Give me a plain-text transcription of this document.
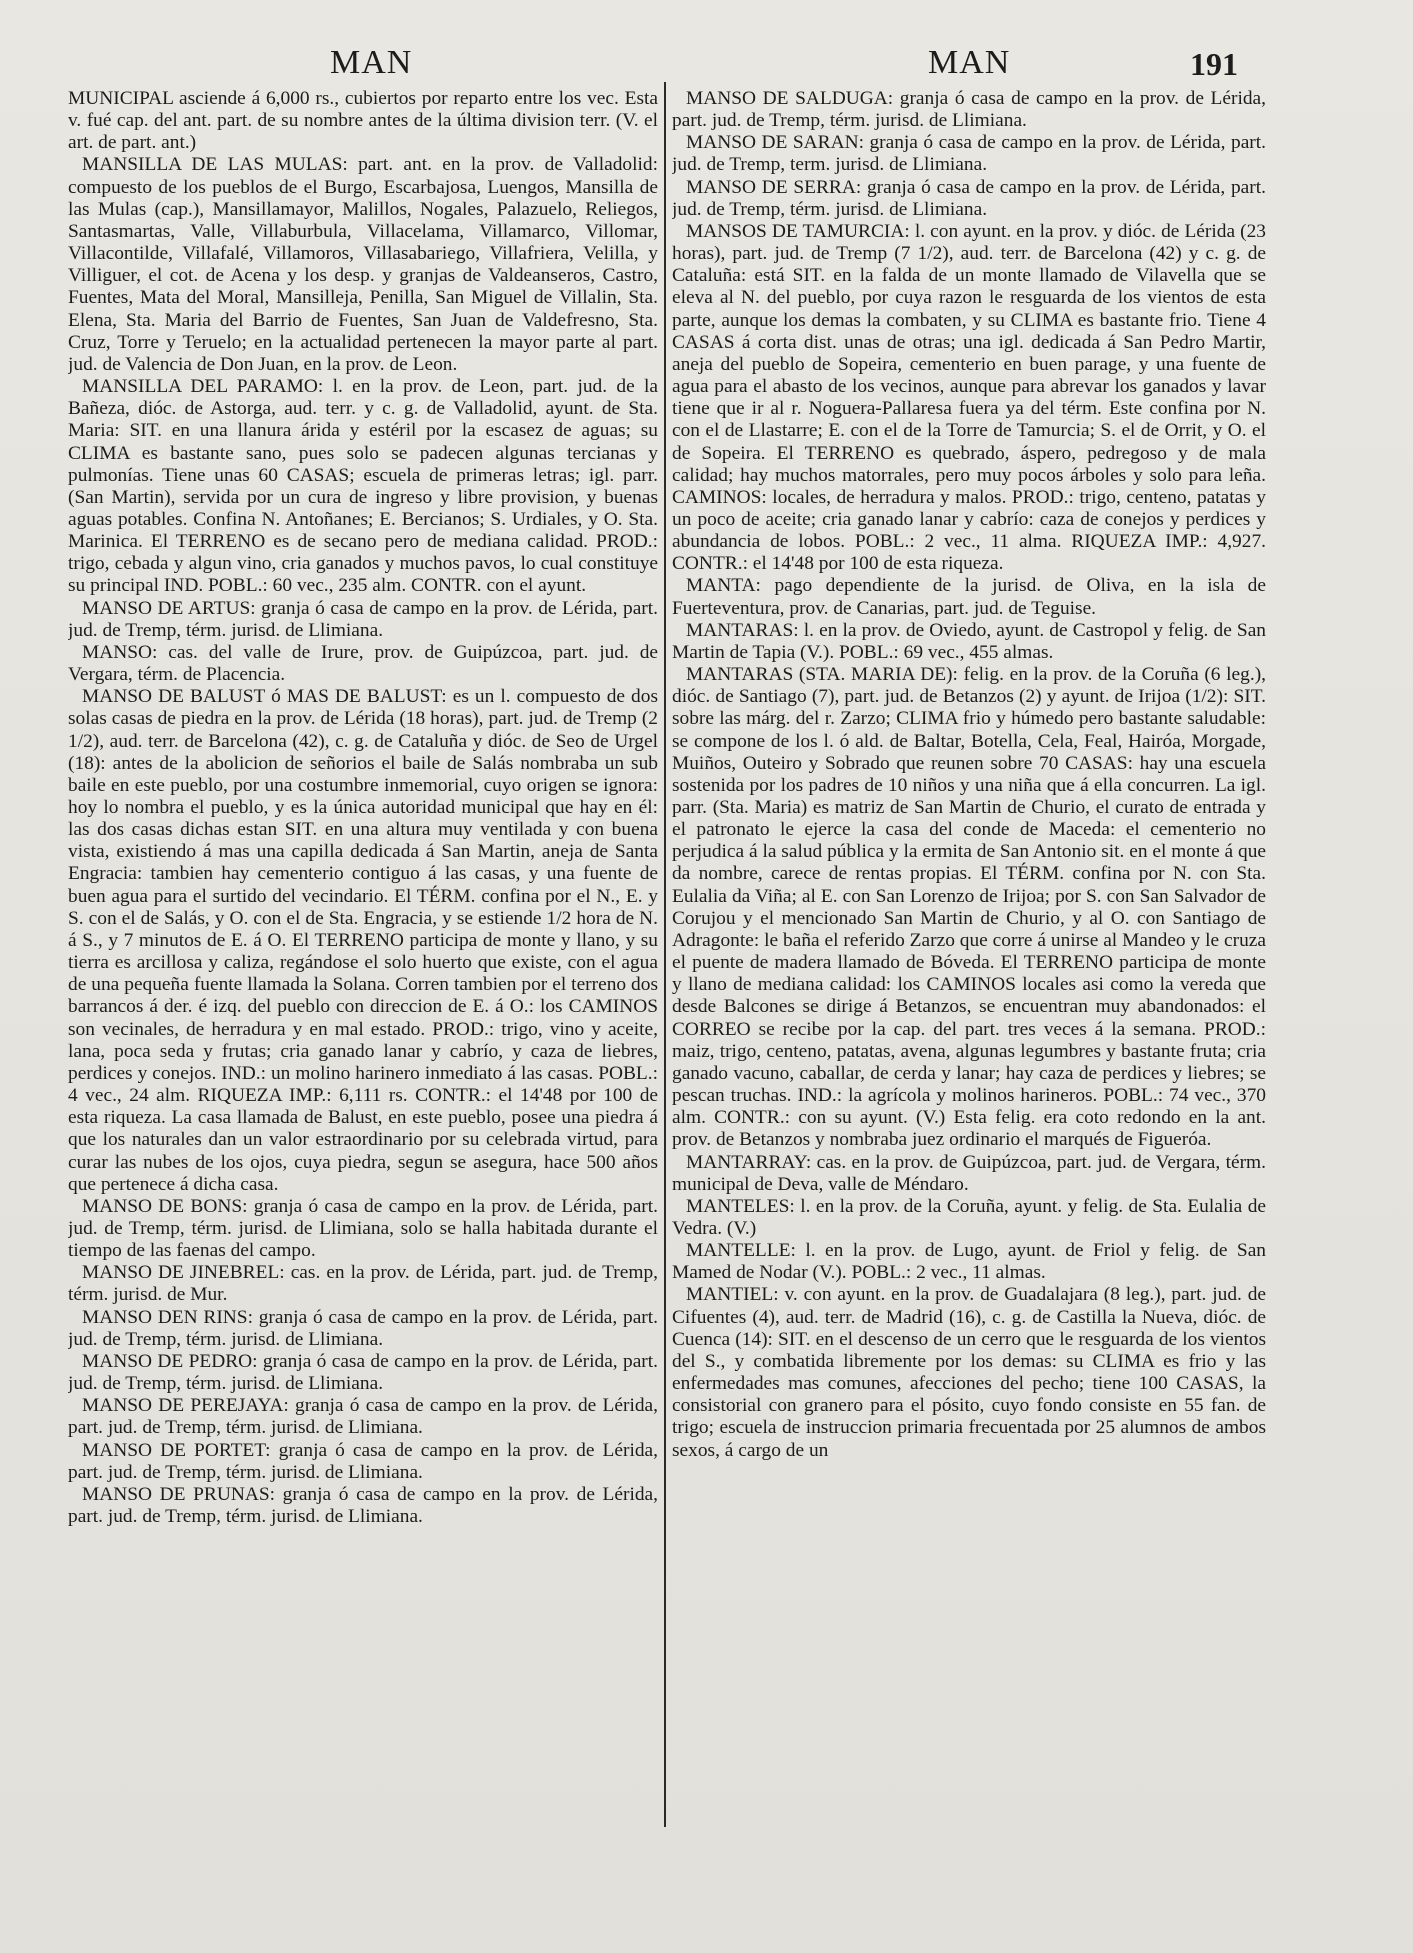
MAN	MAN	191

MUNICIPAL asciende á 6,000 rs., cubiertos por reparto entre los vec. Esta v. fué cap. del ant. part. de su nombre antes de la última division terr. (V. el art. de part. ant.)

MANSILLA DE LAS MULAS: part. ant. en la prov. de Valladolid: compuesto de los pueblos de el Burgo, Escarbajosa, Luengos, Mansilla de las Mulas (cap.), Mansillamayor, Malillos, Nogales, Palazuelo, Reliegos, Santasmartas, Valle, Villaburbula, Villacelama, Villamarco, Villomar, Villacontilde, Villafalé, Villamoros, Villasabariego, Villafriera, Velilla, y Villiguer, el cot. de Acena y los desp. y granjas de Valdeanseros, Castro, Fuentes, Mata del Moral, Mansilleja, Penilla, San Miguel de Villalin, Sta. Elena, Sta. Maria del Barrio de Fuentes, San Juan de Valdefresno, Sta. Cruz, Torre y Teruelo; en la actualidad pertenecen la mayor parte al part. jud. de Valencia de Don Juan, en la prov. de Leon.

MANSILLA DEL PARAMO: l. en la prov. de Leon, part. jud. de la Bañeza, dióc. de Astorga, aud. terr. y c. g. de Valladolid, ayunt. de Sta. Maria: SIT. en una llanura árida y estéril por la escasez de aguas; su CLIMA es bastante sano, pues solo se padecen algunas tercianas y pulmonías. Tiene unas 60 CASAS; escuela de primeras letras; igl. parr. (San Martin), servida por un cura de ingreso y libre provision, y buenas aguas potables. Confina N. Antoñanes; E. Bercianos; S. Urdiales, y O. Sta. Marinica. El TERRENO es de secano pero de mediana calidad. PROD.: trigo, cebada y algun vino, cria ganados y muchos pavos, lo cual constituye su principal IND. POBL.: 60 vec., 235 alm. CONTR. con el ayunt.

MANSO DE ARTUS: granja ó casa de campo en la prov. de Lérida, part. jud. de Tremp, térm. jurisd. de Llimiana.

MANSO: cas. del valle de Irure, prov. de Guipúzcoa, part. jud. de Vergara, térm. de Placencia.

MANSO DE BALUST ó MAS DE BALUST: es un l. compuesto de dos solas casas de piedra en la prov. de Lérida (18 horas), part. jud. de Tremp (2 1/2), aud. terr. de Barcelona (42), c. g. de Cataluña y dióc. de Seo de Urgel (18): antes de la abolicion de señorios el baile de Salás nombraba un sub baile en este pueblo, por una costumbre inmemorial, cuyo origen se ignora: hoy lo nombra el pueblo, y es la única autoridad municipal que hay en él: las dos casas dichas estan SIT. en una altura muy ventilada y con buena vista, existiendo á mas una capilla dedicada á San Martin, aneja de Santa Engracia: tambien hay cementerio contiguo á las casas, y una fuente de buen agua para el surtido del vecindario. El TÉRM. confina por el N., E. y S. con el de Salás, y O. con el de Sta. Engracia, y se estiende 1/2 hora de N. á S., y 7 minutos de E. á O. El TERRENO participa de monte y llano, y su tierra es arcillosa y caliza, regándose el solo huerto que existe, con el agua de una pequeña fuente llamada la Solana. Corren tambien por el terreno dos barrancos á der. é izq. del pueblo con direccion de E. á O.: los CAMINOS son vecinales, de herradura y en mal estado. PROD.: trigo, vino y aceite, lana, poca seda y frutas; cria ganado lanar y cabrío, y caza de liebres, perdices y conejos. IND.: un molino harinero inmediato á las casas. POBL.: 4 vec., 24 alm. RIQUEZA IMP.: 6,111 rs. CONTR.: el 14'48 por 100 de esta riqueza. La casa llamada de Balust, en este pueblo, posee una piedra á que los naturales dan un valor estraordinario por su celebrada virtud, para curar las nubes de los ojos, cuya piedra, segun se asegura, hace 500 años que pertenece á dicha casa.

MANSO DE BONS: granja ó casa de campo en la prov. de Lérida, part. jud. de Tremp, térm. jurisd. de Llimiana, solo se halla habitada durante el tiempo de las faenas del campo.

MANSO DE JINEBREL: cas. en la prov. de Lérida, part. jud. de Tremp, térm. jurisd. de Mur.

MANSO DEN RINS: granja ó casa de campo en la prov. de Lérida, part. jud. de Tremp, térm. jurisd. de Llimiana.

MANSO DE PEDRO: granja ó casa de campo en la prov. de Lérida, part. jud. de Tremp, térm. jurisd. de Llimiana.

MANSO DE PEREJAYA: granja ó casa de campo en la prov. de Lérida, part. jud. de Tremp, térm. jurisd. de Llimiana.

MANSO DE PORTET: granja ó casa de campo en la prov. de Lérida, part. jud. de Tremp, térm. jurisd. de Llimiana.

MANSO DE PRUNAS: granja ó casa de campo en la prov. de Lérida, part. jud. de Tremp, térm. jurisd. de Llimiana.

MANSO DE SALDUGA: granja ó casa de campo en la prov. de Lérida, part. jud. de Tremp, térm. jurisd. de Llimiana.

MANSO DE SARAN: granja ó casa de campo en la prov. de Lérida, part. jud. de Tremp, term. jurisd. de Llimiana.

MANSO DE SERRA: granja ó casa de campo en la prov. de Lérida, part. jud. de Tremp, térm. jurisd. de Llimiana.

MANSOS DE TAMURCIA: l. con ayunt. en la prov. y dióc. de Lérida (23 horas), part. jud. de Tremp (7 1/2), aud. terr. de Barcelona (42) y c. g. de Cataluña: está SIT. en la falda de un monte llamado de Vilavella que se eleva al N. del pueblo, por cuya razon le resguarda de los vientos de esta parte, aunque los demas la combaten, y su CLIMA es bastante frio. Tiene 4 CASAS á corta dist. unas de otras; una igl. dedicada á San Pedro Martir, aneja del pueblo de Sopeira, cementerio en buen parage, y una fuente de agua para el abasto de los vecinos, aunque para abrevar los ganados y lavar tiene que ir al r. Noguera-Pallaresa fuera ya del térm. Este confina por N. con el de Llastarre; E. con el de la Torre de Tamurcia; S. el de Orrit, y O. el de Sopeira. El TERRENO es quebrado, áspero, pedregoso y de mala calidad; hay muchos matorrales, pero muy pocos árboles y solo para leña. CAMINOS: locales, de herradura y malos. PROD.: trigo, centeno, patatas y un poco de aceite; cria ganado lanar y cabrío: caza de conejos y perdices y abundancia de lobos. POBL.: 2 vec., 11 alma. RIQUEZA IMP.: 4,927. CONTR.: el 14'48 por 100 de esta riqueza.

MANTA: pago dependiente de la jurisd. de Oliva, en la isla de Fuerteventura, prov. de Canarias, part. jud. de Teguise.

MANTARAS: l. en la prov. de Oviedo, ayunt. de Castropol y felig. de San Martin de Tapia (V.). POBL.: 69 vec., 455 almas.

MANTARAS (STA. MARIA DE): felig. en la prov. de la Coruña (6 leg.), dióc. de Santiago (7), part. jud. de Betanzos (2) y ayunt. de Irijoa (1/2): SIT. sobre las márg. del r. Zarzo; CLIMA frio y húmedo pero bastante saludable: se compone de los l. ó ald. de Baltar, Botella, Cela, Feal, Hairóa, Morgade, Muiños, Outeiro y Sobrado que reunen sobre 70 CASAS: hay una escuela sostenida por los padres de 10 niños y una niña que á ella concurren. La igl. parr. (Sta. Maria) es matriz de San Martin de Churio, el curato de entrada y el patronato le ejerce la casa del conde de Maceda: el cementerio no perjudica á la salud pública y la ermita de San Antonio sit. en el monte á que da nombre, carece de rentas propias. El TÉRM. confina por N. con Sta. Eulalia da Viña; al E. con San Lorenzo de Irijoa; por S. con San Salvador de Corujou y el mencionado San Martin de Churio, y al O. con Santiago de Adragonte: le baña el referido Zarzo que corre á unirse al Mandeo y le cruza el puente de madera llamado de Bóveda. El TERRENO participa de monte y llano de mediana calidad: los CAMINOS locales asi como la vereda que desde Balcones se dirige á Betanzos, se encuentran muy abandonados: el CORREO se recibe por la cap. del part. tres veces á la semana. PROD.: maiz, trigo, centeno, patatas, avena, algunas legumbres y bastante fruta; cria ganado vacuno, caballar, de cerda y lanar; hay caza de perdices y liebres; se pescan truchas. IND.: la agrícola y molinos harineros. POBL.: 74 vec., 370 alm. CONTR.: con su ayunt. (V.) Esta felig. era coto redondo en la ant. prov. de Betanzos y nombraba juez ordinario el marqués de Figueróa.

MANTARRAY: cas. en la prov. de Guipúzcoa, part. jud. de Vergara, térm. municipal de Deva, valle de Méndaro.

MANTELES: l. en la prov. de la Coruña, ayunt. y felig. de Sta. Eulalia de Vedra. (V.)

MANTELLE: l. en la prov. de Lugo, ayunt. de Friol y felig. de San Mamed de Nodar (V.). POBL.: 2 vec., 11 almas.

MANTIEL: v. con ayunt. en la prov. de Guadalajara (8 leg.), part. jud. de Cifuentes (4), aud. terr. de Madrid (16), c. g. de Castilla la Nueva, dióc. de Cuenca (14): SIT. en el descenso de un cerro que le resguarda de los vientos del S., y combatida libremente por los demas: su CLIMA es frio y las enfermedades mas comunes, afecciones del pecho; tiene 100 CASAS, la consistorial con granero para el pósito, cuyo fondo consiste en 55 fan. de trigo; escuela de instruccion primaria frecuentada por 25 alumnos de ambos sexos, á cargo de un
